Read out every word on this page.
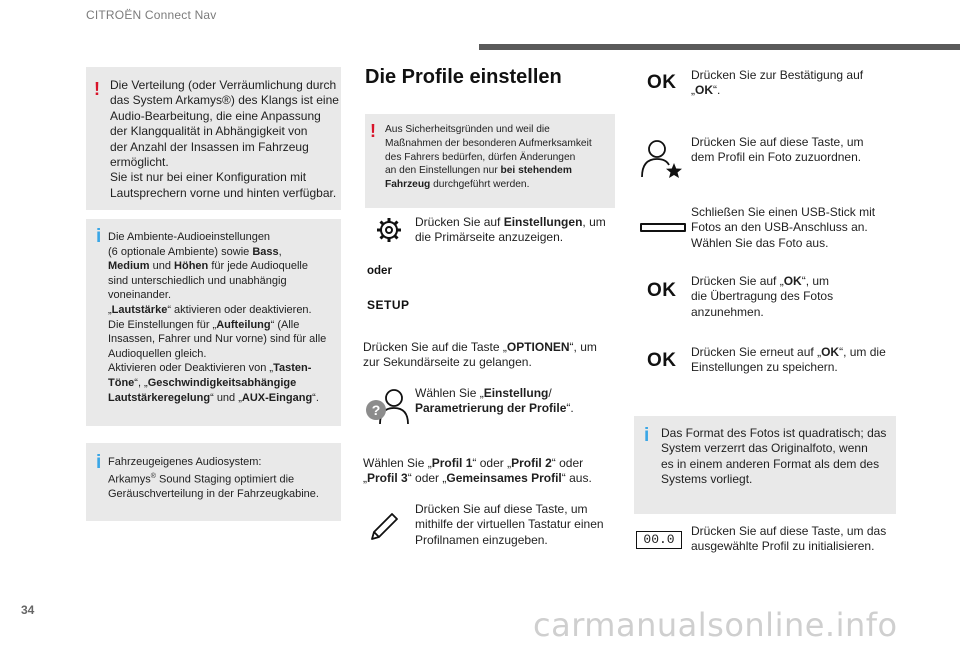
CITROËN Connect Nav
! Die Verteilung (oder Verräumlichung durch
das System Arkamys®) des Klangs ist eine
Audio-Bearbeitung, die eine Anpassung
der Klangqualität in Abhängigkeit von
der Anzahl der Insassen im Fahrzeug
ermöglicht.
Sie ist nur bei einer Konfiguration mit
Lautsprechern vorne und hinten verfügbar.
i Die Ambiente-Audioeinstellungen
(6 optionale Ambiente) sowie Bass,
Medium und Höhen für jede Audioquelle
sind unterschiedlich und unabhängig
voneinander.
„Lautstärke“ aktivieren oder deaktivieren.
Die Einstellungen für „Aufteilung“ (Alle
Insassen, Fahrer und Nur vorne) sind für alle
Audioquellen gleich.
Aktivieren oder Deaktivieren von „Tasten-
Töne“, „Geschwindigkeitsabhängige
Lautstärkeregelung“ und „AUX-Eingang“.
i Fahrzeugeigenes Audiosystem:
Arkamys® Sound Staging optimiert die
Geräuschverteilung in der Fahrzeugkabine.
Die Profile einstellen
! Aus Sicherheitsgründen und weil die
Maßnahmen der besonderen Aufmerksamkeit
des Fahrers bedürfen, dürfen Änderungen
an den Einstellungen nur bei stehendem
Fahrzeug durchgeführt werden.
Drücken Sie auf Einstellungen, um
die Primärseite anzuzeigen.
oder
SETUP
Drücken Sie auf die Taste „OPTIONEN“, um
zur Sekundärseite zu gelangen.
?
Wählen Sie „Einstellung/
Parametrierung der Profile“.
Wählen Sie „Profil 1“ oder „Profil 2“ oder
„Profil 3“ oder „Gemeinsames Profil“ aus.
Drücken Sie auf diese Taste, um
mithilfe der virtuellen Tastatur einen
Profilnamen einzugeben.
OK Drücken Sie zur Bestätigung auf
„OK“.
Drücken Sie auf diese Taste, um
dem Profil ein Foto zuzuordnen.
Schließen Sie einen USB-Stick mit
Fotos an den USB-Anschluss an.
Wählen Sie das Foto aus.
OK Drücken Sie auf „OK“, um
die Übertragung des Fotos
anzunehmen.
OK Drücken Sie erneut auf „OK“, um die
Einstellungen zu speichern.
i Das Format des Fotos ist quadratisch; das
System verzerrt das Originalfoto, wenn
es in einem anderen Format als dem des
Systems vorliegt.
00.0
Drücken Sie auf diese Taste, um das
ausgewählte Profil zu initialisieren.
34	carmanualsonline.info
